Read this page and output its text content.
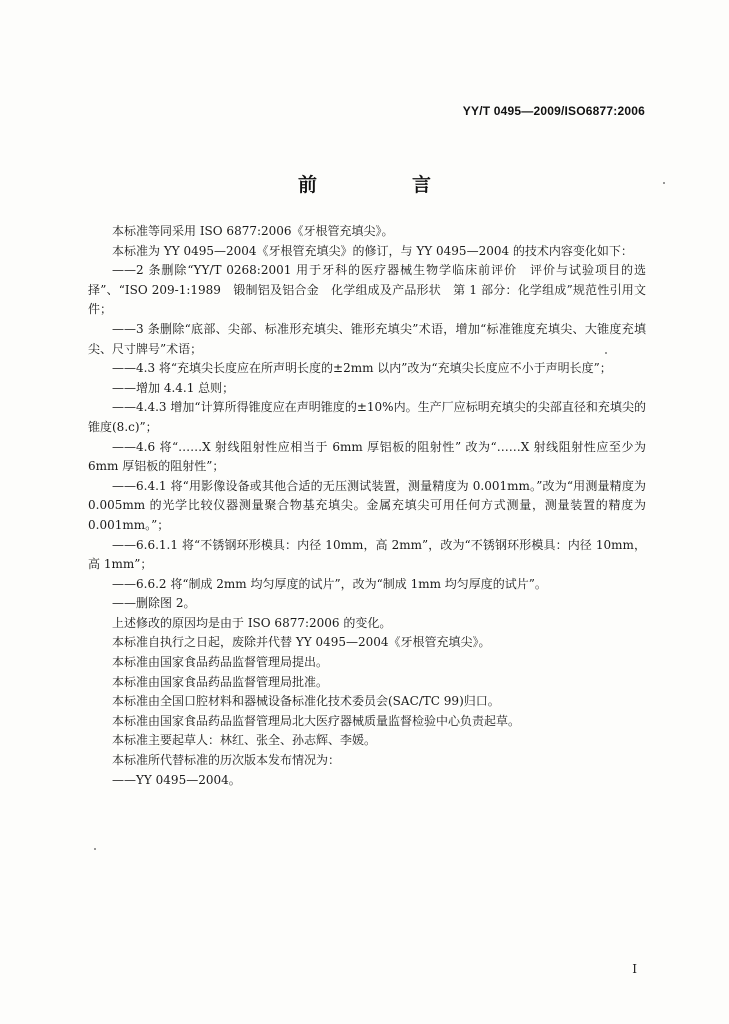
YY/T 0495—2009/ISO6877:2006
前　言

本标准等同采用 ISO 6877:2006《牙根管充填尖》。

本标准为 YY 0495—2004《牙根管充填尖》的修订，与 YY 0495—2004 的技术内容变化如下：

——2 条删除“YY/T 0268:2001 用于牙科的医疗器械生物学临床前评价　评价与试验项目的选择”、“ISO 209-1:1989　锻制铝及铝合金　化学组成及产品形状　第 1 部分：化学组成”规范性引用文件；

——3 条删除“底部、尖部、标准形充填尖、锥形充填尖”术语，增加“标准锥度充填尖、大锥度充填尖、尺寸牌号”术语；

——4.3 将“充填尖长度应在所声明长度的±2mm 以内”改为“充填尖长度应不小于声明长度”；

——增加 4.4.1 总则；

——4.4.3 增加“计算所得锥度应在声明锥度的±10%内。生产厂应标明充填尖的尖部直径和充填尖的锥度(8.c)”；

——4.6 将“……X 射线阻射性应相当于 6mm 厚铝板的阻射性” 改为“……X 射线阻射性应至少为 6mm 厚铝板的阻射性”；

——6.4.1 将“用影像设备或其他合适的无压测试装置，测量精度为 0.001mm。”改为“用测量精度为 0.005mm 的光学比较仪器测量聚合物基充填尖。金属充填尖可用任何方式测量，测量装置的精度为 0.001mm。”；

——6.6.1.1 将“不锈钢环形模具：内径 10mm，高 2mm”，改为“不锈钢环形模具：内径 10mm，高 1mm”；

——6.6.2 将“制成 2mm 均匀厚度的试片”，改为“制成 1mm 均匀厚度的试片”。

——删除图 2。

上述修改的原因均是由于 ISO 6877:2006 的变化。

本标准自执行之日起，废除并代替 YY 0495—2004《牙根管充填尖》。

本标准由国家食品药品监督管理局提出。

本标准由国家食品药品监督管理局批准。

本标准由全国口腔材料和器械设备标准化技术委员会(SAC/TC 99)归口。

本标准由国家食品药品监督管理局北大医疗器械质量监督检验中心负责起草。

本标准主要起草人：林红、张全、孙志辉、李媛。

本标准所代替标准的历次版本发布情况为：

——YY 0495—2004。

I
